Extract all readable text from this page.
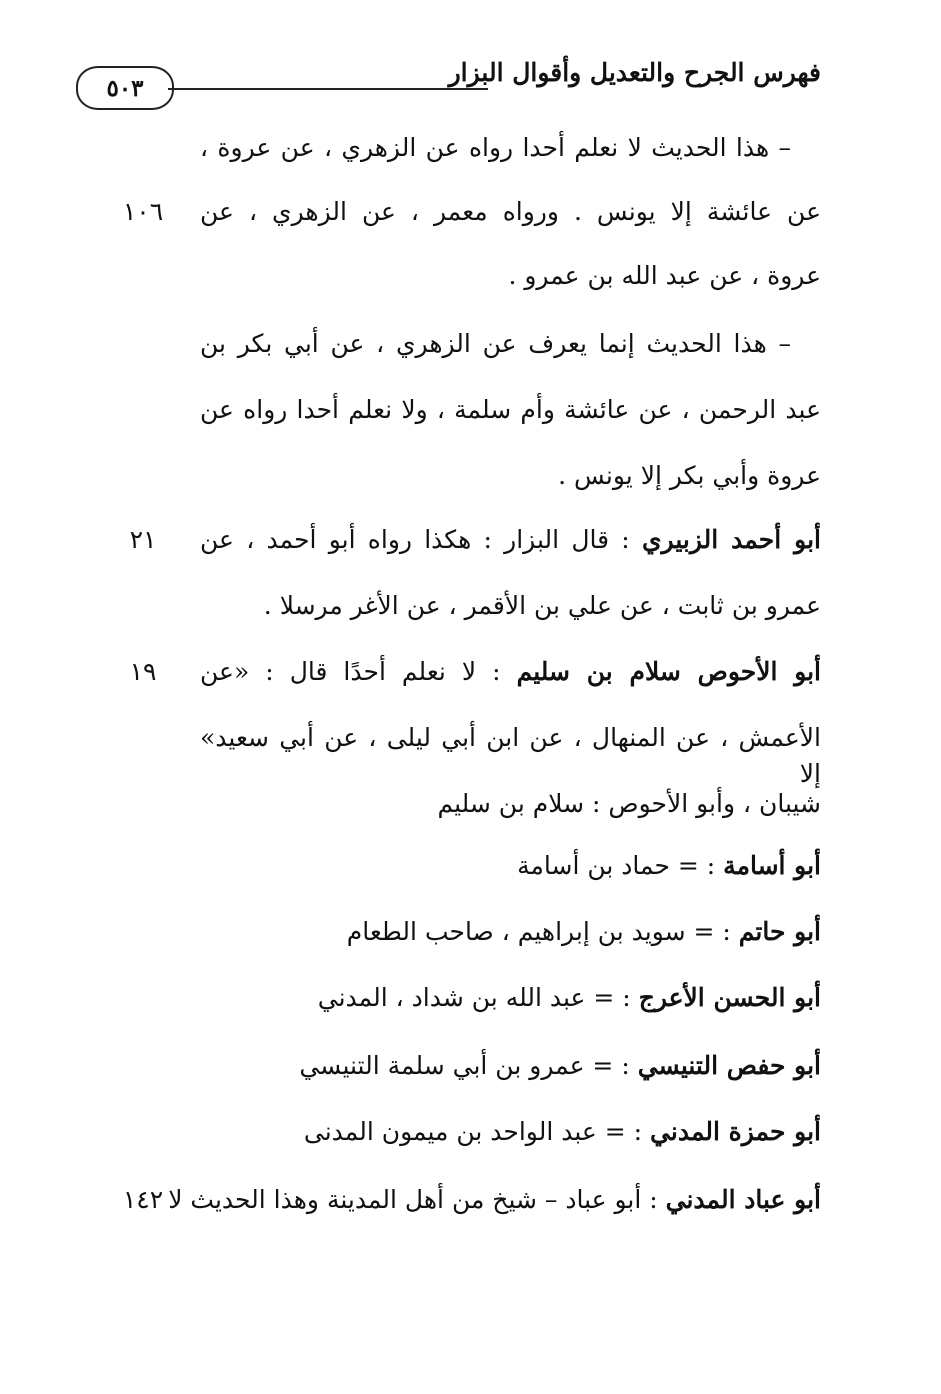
فهرس الجرح والتعديل وأقوال البزار
٥٠٣
– هذا الحديث لا نعلم أحدا رواه عن الزهري ، عن عروة ،
عن عائشة إلا يونس . ورواه معمر ، عن الزهري ، عن
عروة ، عن عبد الله بن عمرو .
– هذا الحديث إنما يعرف عن الزهري ، عن أبي بكر بن
عبد الرحمن ، عن عائشة وأم سلمة ، ولا نعلم أحدا رواه عن
عروة وأبي بكر إلا يونس .
أبو أحمد الزبيري : قال البزار : هكذا رواه أبو أحمد ، عن
عمرو بن ثابت ، عن علي بن الأقمر ، عن الأغر مرسلا .
أبو الأحوص سلام بن سليم : لا نعلم أحدًا قال : «عن
الأعمش ، عن المنهال ، عن ابن أبي ليلى ، عن أبي سعيد» إلا
شيبان ، وأبو الأحوص : سلام بن سليم
أبو أسامة : = حماد بن أسامة
أبو حاتم : = سويد بن إبراهيم ، صاحب الطعام
أبو الحسن الأعرج : = عبد الله بن شداد ، المدني
أبو حفص التنيسي : = عمرو بن أبي سلمة التنيسي
أبو حمزة المدني : = عبد الواحد بن ميمون المدنى
أبو عباد المدني : أبو عباد – شيخ من أهل المدينة وهذا الحديث لا
١٠٦
٢١
١٩
١٤٢
